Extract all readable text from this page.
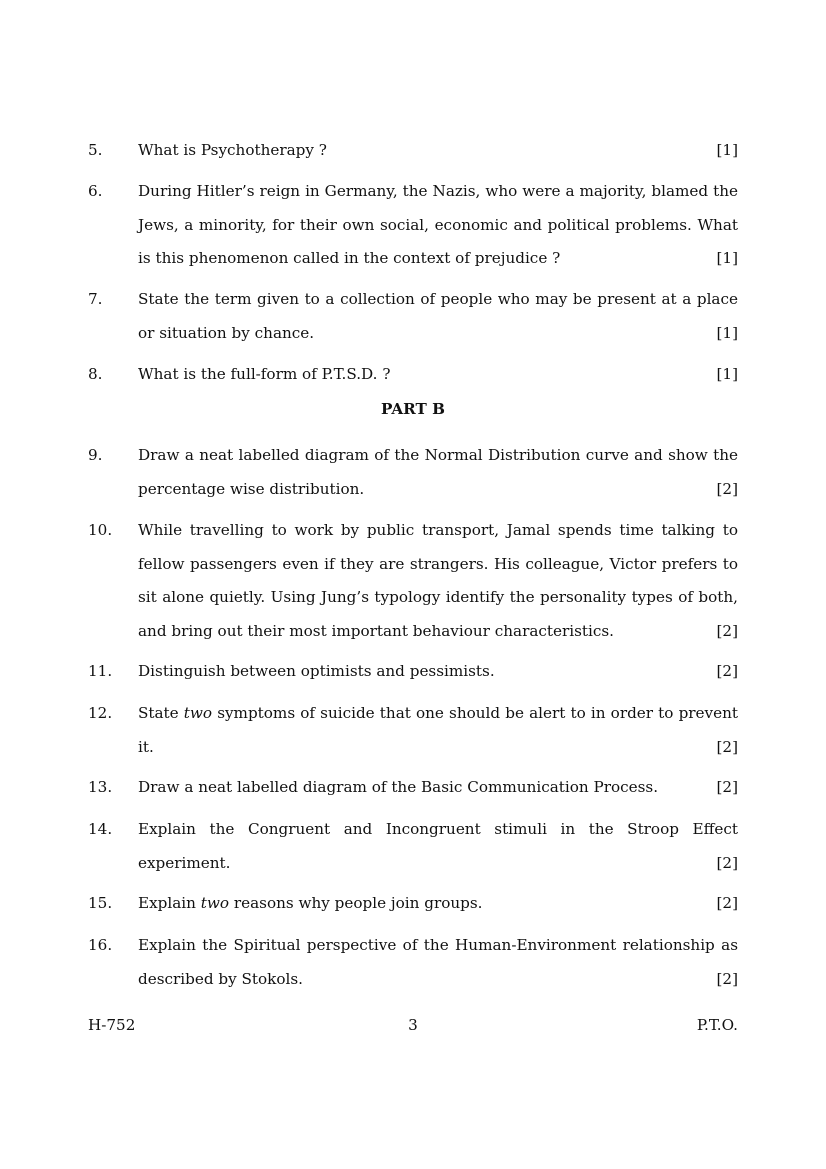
5.	[1]
What is Psychotherapy ?
6. During Hitler’s reign in Germany, the Nazis, who were a majority, blamed the Jews, a minority, for their own social, economic and political problems. What is this phenomenon called in the context of prejudice ?	[1]
7. State the term given to a collection of people who may be present at a place or situation by chance.	[1]
8.	[1]
What is the full-form of P.T.S.D. ?
PART B
9. Draw a neat labelled diagram of the Normal Distribution curve and show the percentage wise distribution.	[2]
10. While travelling to work by public transport, Jamal spends time talking to fellow passengers even if they are strangers. His colleague, Victor prefers to sit alone quietly. Using Jung’s typology identify the personality types of both, and bring out their most important behaviour characteristics.	[2]
11.	[2]
Distinguish between optimists and pessimists.
12. State two symptoms of suicide that one should be alert to in order to prevent it.	[2]
13.	[2]
Draw a neat labelled diagram of the Basic Communication Process.
14. Explain the Congruent and Incongruent stimuli in the Stroop Effect experiment.	[2]
15.	[2]
Explain two reasons why people join groups.
16. Explain the Spiritual perspective of the Human-Environment relationship as described by Stokols.	[2]
H-752	3	P.T.O.
